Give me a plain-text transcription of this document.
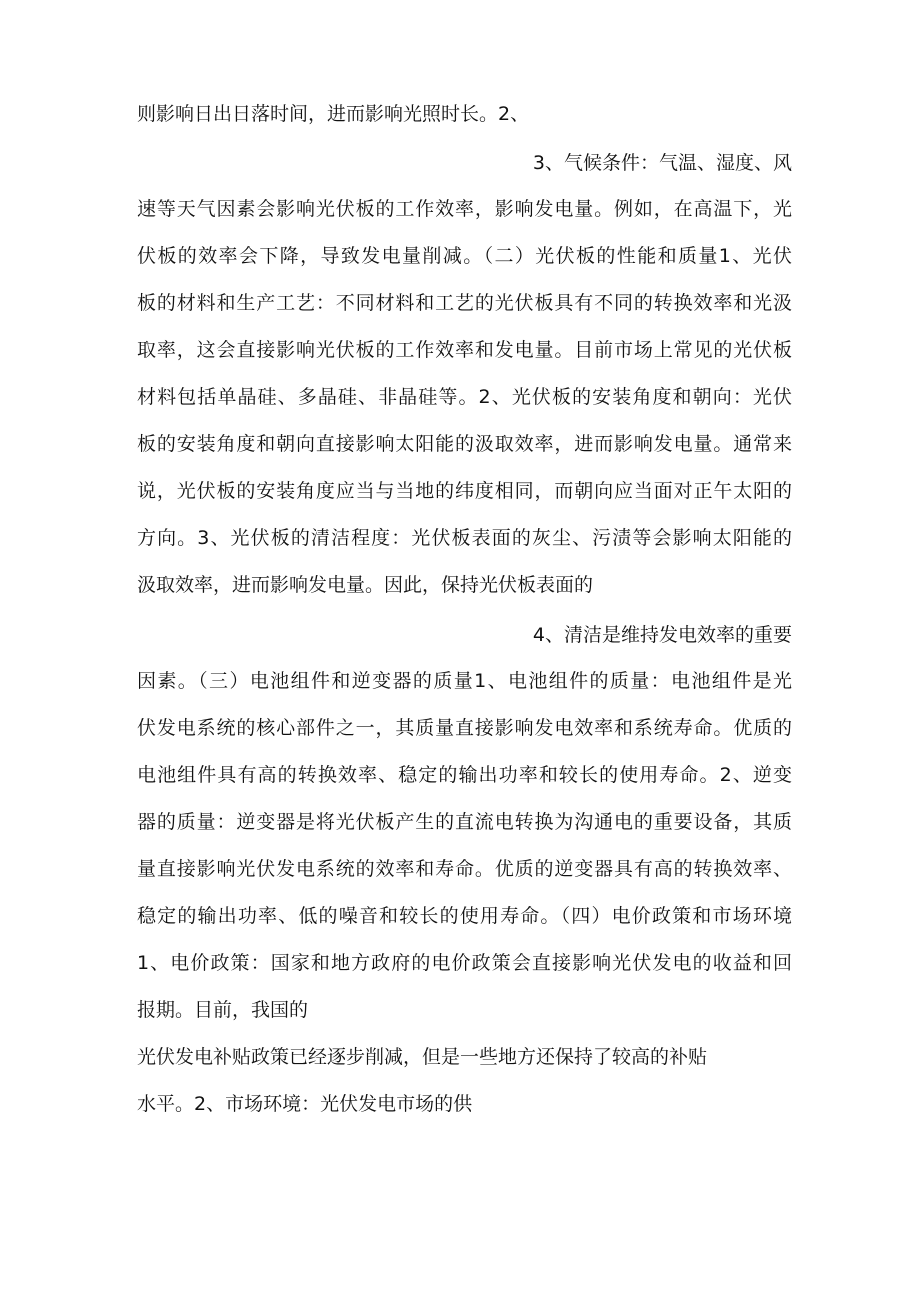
则影响日出日落时间，进而影响光照时长。2、
3、气候条件：气温、湿度、风
速等天气因素会影响光伏板的工作效率，影响发电量。例如，在高温下，光
伏板的效率会下降，导致发电量削减。（二）光伏板的性能和质量1、光伏
板的材料和生产工艺：不同材料和工艺的光伏板具有不同的转换效率和光汲
取率，这会直接影响光伏板的工作效率和发电量。目前市场上常见的光伏板
材料包括单晶硅、多晶硅、非晶硅等。2、光伏板的安装角度和朝向：光伏
板的安装角度和朝向直接影响太阳能的汲取效率，进而影响发电量。通常来
说，光伏板的安装角度应当与当地的纬度相同，而朝向应当面对正午太阳的
方向。3、光伏板的清洁程度：光伏板表面的灰尘、污渍等会影响太阳能的
汲取效率，进而影响发电量。因此，保持光伏板表面的
4、清洁是维持发电效率的重要
因素。（三）电池组件和逆变器的质量1、电池组件的质量：电池组件是光
伏发电系统的核心部件之一，其质量直接影响发电效率和系统寿命。优质的
电池组件具有高的转换效率、稳定的输出功率和较长的使用寿命。2、逆变
器的质量：逆变器是将光伏板产生的直流电转换为沟通电的重要设备，其质
量直接影响光伏发电系统的效率和寿命。优质的逆变器具有高的转换效率、
稳定的输出功率、低的噪音和较长的使用寿命。（四）电价政策和市场环境
1、电价政策：国家和地方政府的电价政策会直接影响光伏发电的收益和回
报期。目前，我国的
光伏发电补贴政策已经逐步削减，但是一些地方还保持了较高的补贴
水平。2、市场环境：光伏发电市场的供
